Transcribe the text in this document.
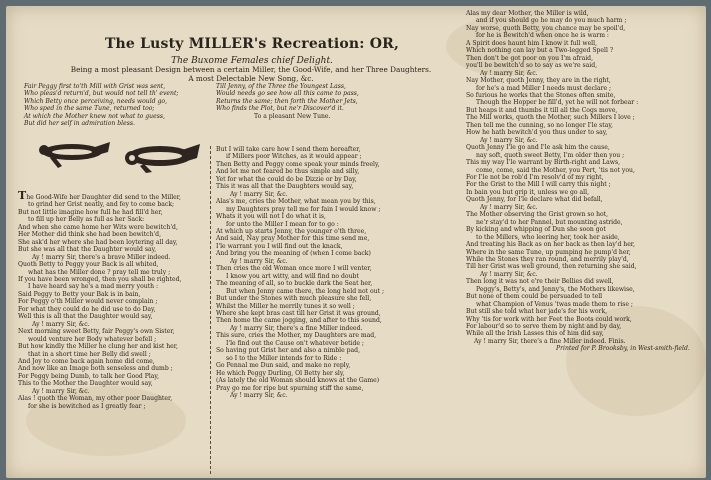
The Lusty MILLER's Recreation: OR,
The Buxome Females chief Delight.
Being a most pleasant Design between a certain Miller, the Good-Wife, and her Three Daughters.
A most Delectable New Song, &c.
Fair Peggy first to'th Mill with Grist was sent,
Who pleas'd return'd, but would not tell th' event;
Which Betty once perceiving, needs would go,
Who sped in the same Tune, returned too;
At which the Mother knew not what to guess,
But did her self in admiration bless.
Till Jenny, of the Three the Youngest Lass,
Would needs go see how all this came to pass,
Returns the same; then forth the Mother Jets,
Who finds the Plot, but ne'r Discover'd it.
To a pleasant New Tune.
The Good-Wife her Daughter did send to the Miller,
to grind her Grist neatly, and fey to come back;
But not little imagine how full he had fill'd her,
to fill up her Belly as full as her Sack:
And when she came home her Wits were bewitch'd,
Her Mother did think she had been bewitch'd,
She ask'd her where she had been loytering all day,
But she was all that the Daughter would say,
Ay ! marry Sir, there's a brave Miller indeed.
Quoth Betty to Peggy your Back is all whited,
what has the Miller done ? pray tell me truly ;
If you have been wronged, then you shall be righted,
I have heard say he's a mad merry youth :
Said Peggy to Betty your Bak is in bain,
For Peggy o'th Miller would never complain ;
For what they could do he did use to do Day,
Well this is all that the Daughter would say,
Ay ! marry Sir, &c.
Next morning sweet Betty, fair Peggy's own Sister,
would venture her Body whatever befell ;
But how kindly the Miller he clung her and kist her,
that in a short time her Belly did swell ;
And Joy to come back again home did come,
And now like an Image both senseless and dumb ;
For Peggy being Dumb, to talk her Good Play,
This to the Mother the Daughter would say,
Ay ! marry Sir, &c.
Alas ! quoth the Woman, my other poor Daughter,
for she is bewitched as I greatly fear ;
But I will take care how I send them hereafter,
if Millers poor Witches, as it would appear ;
Then Betty and Peggy come speak your minds freely,
And let me not feared be thus simple and silly,
Yet for what the could do be Dizzie or by Day,
This it was all that the Daughters would say,
Ay ! marry Sir, &c.
Alas's me, cries the Mother, what mean you by this,
my Daughters pray tell me for fain I would know ;
Whats it you will not I do what it is,
for unto the Miller I mean for to go :
At which up starts Jenny, the younger o'th three,
And said, Nay pray Mother for this time send me,
I'le warrant you I will find out the knack,
And bring you the meaning of (when I come back)
Ay ! marry Sir, &c.
Then cries the old Woman once more I will venter,
I know you art witty, and will find no doubt
The meaning of all, so to buckle dark the Seat her,
But when Jenny came there, the long held not out ;
But under the Stones with much pleasure she fell,
Whilst the Miller he merrily tunes it so well ;
Where she kept bras cast till her Grist it was ground,
Then home the came jogging, and after to this sound,
Ay ! marry Sir, there's a fine Miller indeed.
This sure, cries the Mother, my Daughters are mad,
I'le find out the Cause on't whatever betide ;
So having put Grist her and also a nimble pad,
so I to the Miller intends for to Ride :
Go Pennal me Dun said, and make no reply,
He which Peggy Durling, Ol Betty her sly,
(As lately the old Woman should knows at the Game)
Pray go me for ripe but spurning stiff the same,
Ay ! marry Sir, &c.
Alas my dear Mother, the Miller is wild,
and if you should go he may do you much harm ;
Nay worse, quoth Betty, you chance may be spoil'd,
for he is Bewitch'd when once he is warm :
A Spirit does haunt him I know it full well,
Which nothing can lay but a Two-legged Spell ?
Then don't be got poor on you I'm afraid,
you'll be bewitch'd so to say as we're said,
Ay ! marry Sir, &c.
Nay Mother, quoth Jenny, they are in the right,
for he's a mad Miller I needs must declare ;
So furious he works that the Stones often smite,
Though the Hopper be fill'd, yet he will not forbear :
But heaps it and thumbs it till all the Cogs move,
The Mill works, quoth the Mother, such Millers I love ;
Then tell me the cunning, so no longer I'le stay,
How he hath bewitch'd you thus under to say,
Ay ! marry Sir, &c.
Quoth Jenny I'le go and I'le ask him the cause,
nay soft, quoth sweet Betty, I'm older then you ;
This my way I'le warrant by Birth-right and Laws,
come, come, said the Mother, you Pert, 'tis not you,
For I'le not be rob'd I'm resolv'd of my right,
For the Grist to the Mill I will carry this night ;
In bain you but grip it, unless we go all,
Quoth Jenny, for I'le declare what did befall,
Ay ! marry Sir, &c.
The Mother observing the Grist grown so hot,
ne'r stay'd to her Pannel, but mounting astride,
By kicking and whipping of Dun she soon got
to the Millers, who leering her, took her aside,
And treating his Back as on her back as then lay'd her,
Where in the same Tune, up pumping he pump'd her,
While the Stones they ran round, and merrily play'd,
Till her Grist was well ground, then returning she said,
Ay ! marry Sir, &c.
Then long it was not e're their Bellies did swell,
Peggy's, Betty's, and Jenny's, the Mothers likewise,
But none of them could be persuaded to tell
what Champion of Venus 'twas made them to rise ;
But still she told what her jade's for his work,
Why 'tis for work with her Feet the Boots could work,
For labour'd so to serve them by night and by day,
While all the Irish Lasses this of him did say,
Ay ! marry Sir, there's a fine Miller indeed. Finis.
Printed for P. Brooksby, in West-smith-field.
